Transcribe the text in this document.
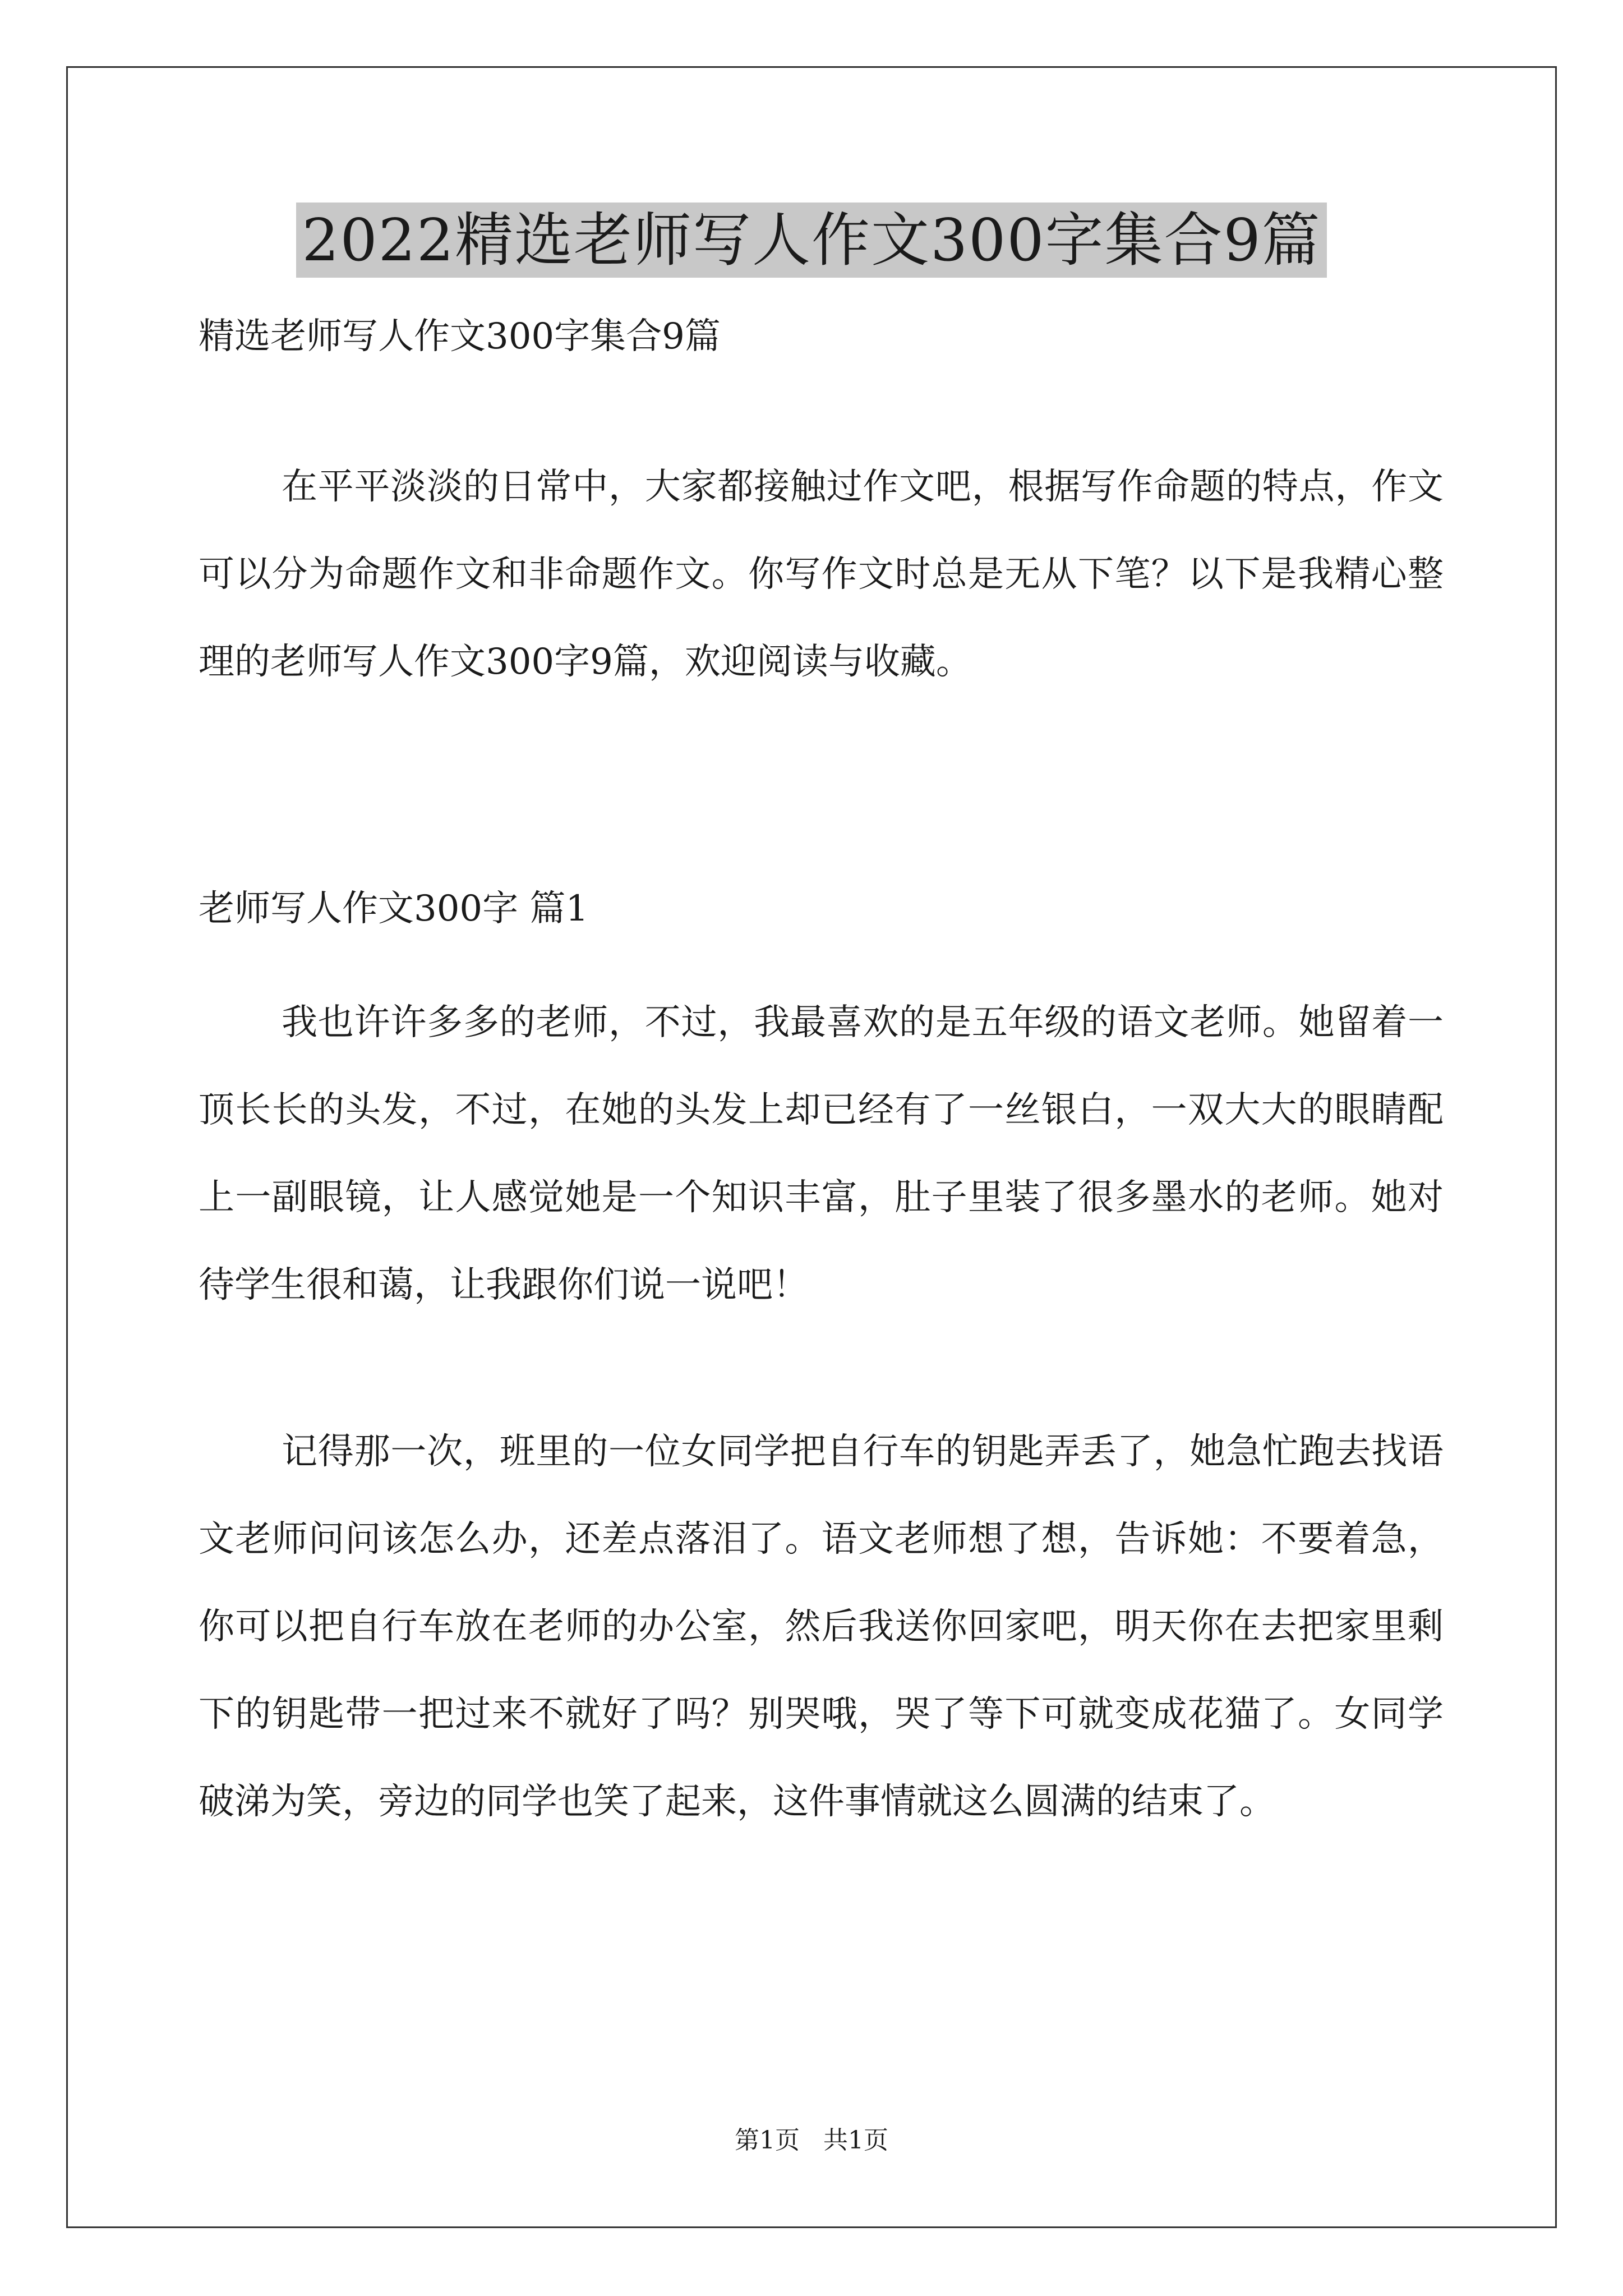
2022精选老师写人作文300字集合9篇
精选老师写人作文300字集合9篇

在平平淡淡的日常中，大家都接触过作文吧，根据写作命题的特点，作文可以分为命题作文和非命题作文。你写作文时总是无从下笔？以下是我精心整理的老师写人作文300字9篇，欢迎阅读与收藏。

老师写人作文300字 篇1

我也许许多多的老师，不过，我最喜欢的是五年级的语文老师。她留着一顶长长的头发，不过，在她的头发上却已经有了一丝银白，一双大大的眼睛配上一副眼镜，让人感觉她是一个知识丰富，肚子里装了很多墨水的老师。她对待学生很和蔼，让我跟你们说一说吧！

记得那一次，班里的一位女同学把自行车的钥匙弄丢了，她急忙跑去找语文老师问问该怎么办，还差点落泪了。语文老师想了想，告诉她：不要着急，你可以把自行车放在老师的办公室，然后我送你回家吧，明天你在去把家里剩下的钥匙带一把过来不就好了吗？别哭哦，哭了等下可就变成花猫了。女同学破涕为笑，旁边的同学也笑了起来，这件事情就这么圆满的结束了。

第1页   共1页
